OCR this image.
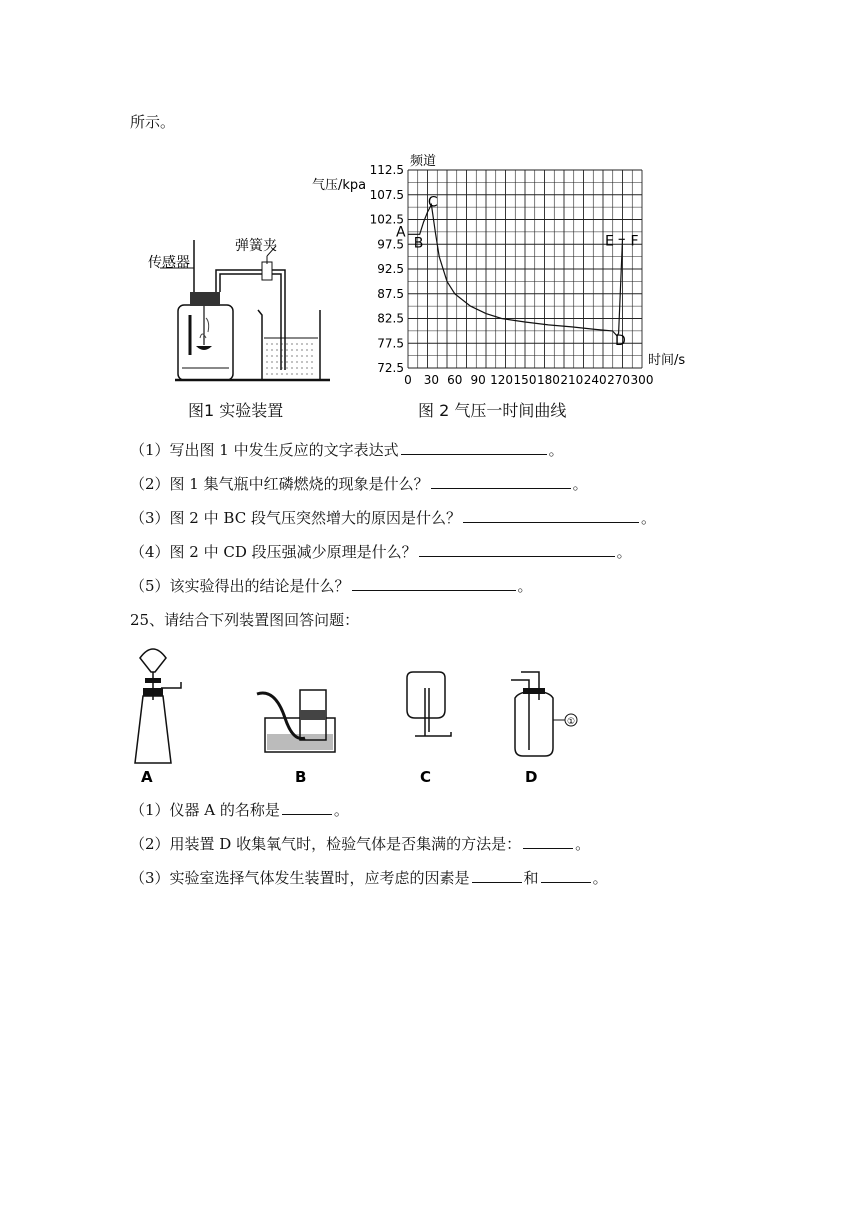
所示。
传感器
弹簧夹
图1 实验装置
112.5
107.5
102.5
97.5
92.5
87.5
82.5
77.5
72.5
0 30 60 90 120 150 180 210 240 270 300
气压/kpa
频道
时间/s
A
B
C
D
E F
图 2 气压一时间曲线
（1）写出图 1 中发生反应的文字表达式	。
（2）图 1 集气瓶中红磷燃烧的现象是什么？	。
（3）图 2 中 BC 段气压突然增大的原因是什么？	。
（4）图 2 中 CD 段压强减少原理是什么？	。
（5）该实验得出的结论是什么？	。
25、请结合下列装置图回答问题：
A	B	C
①
D
（1）仪器 A 的名称是	。
（2）用装置 D 收集氧气时，检验气体是否集满的方法是：	。
（3）实验室选择气体发生装置时，应考虑的因素是	和	。
